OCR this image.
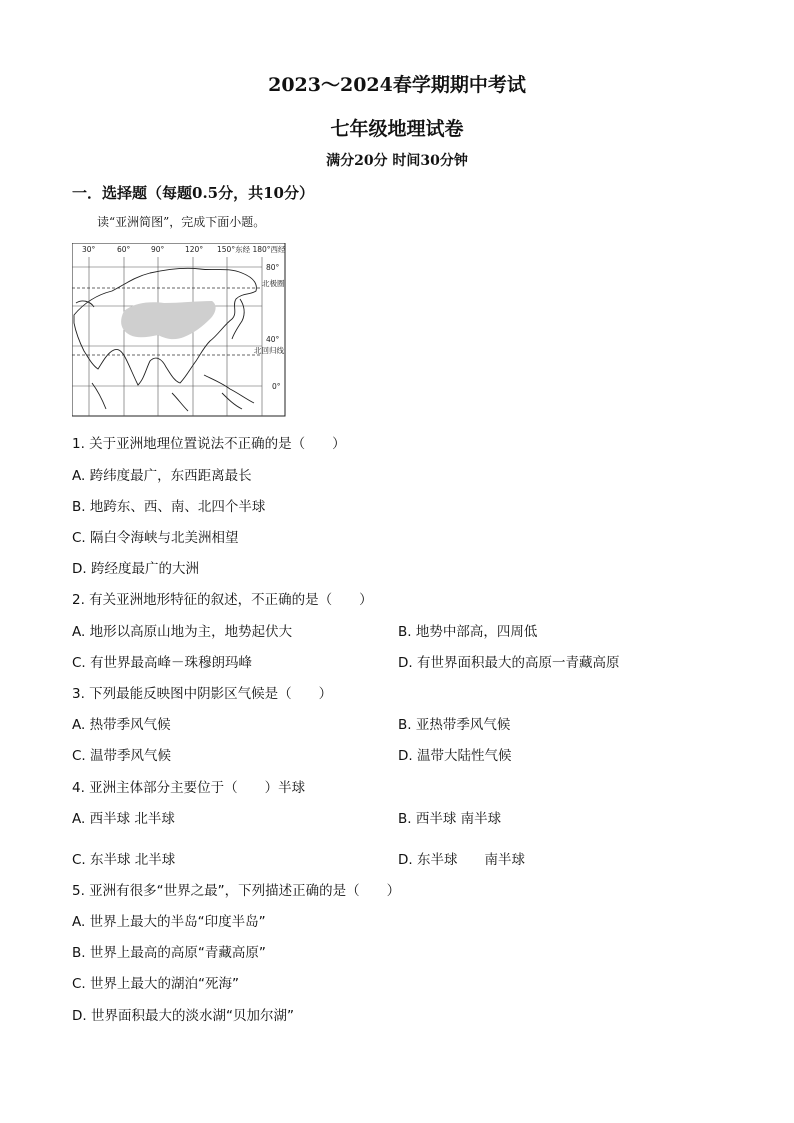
2023～2024春学期期中考试
七年级地理试卷
满分20分 时间30分钟
一．选择题（每题0.5分，共10分）
读“亚洲简图”，完成下面小题。
30°	60°	90°	120° 150°东经 180°西经
80°
北极圈
40°
北回归线
0°
1. 关于亚洲地理位置说法不正确的是（　　）
A. 跨纬度最广，东西距离最长
B. 地跨东、西、南、北四个半球
C. 隔白令海峡与北美洲相望
D. 跨经度最广的大洲
2. 有关亚洲地形特征的叙述，不正确的是（　　）
A. 地形以高原山地为主，地势起伏大	B. 地势中部高，四周低
C. 有世界最高峰－珠穆朗玛峰	D. 有世界面积最大的高原一青藏高原
3. 下列最能反映图中阴影区气候是（　　）
A. 热带季风气候	B. 亚热带季风气候
C. 温带季风气候	D. 温带大陆性气候
4. 亚洲主体部分主要位于（　　）半球
A. 西半球 北半球	B. 西半球 南半球
C. 东半球 北半球	D. 东半球　　南半球
5. 亚洲有很多“世界之最”，下列描述正确的是（　　）
A. 世界上最大的半岛“印度半岛”
B. 世界上最高的高原“青藏高原”
C. 世界上最大的湖泊“死海”
D. 世界面积最大的淡水湖“贝加尔湖”
